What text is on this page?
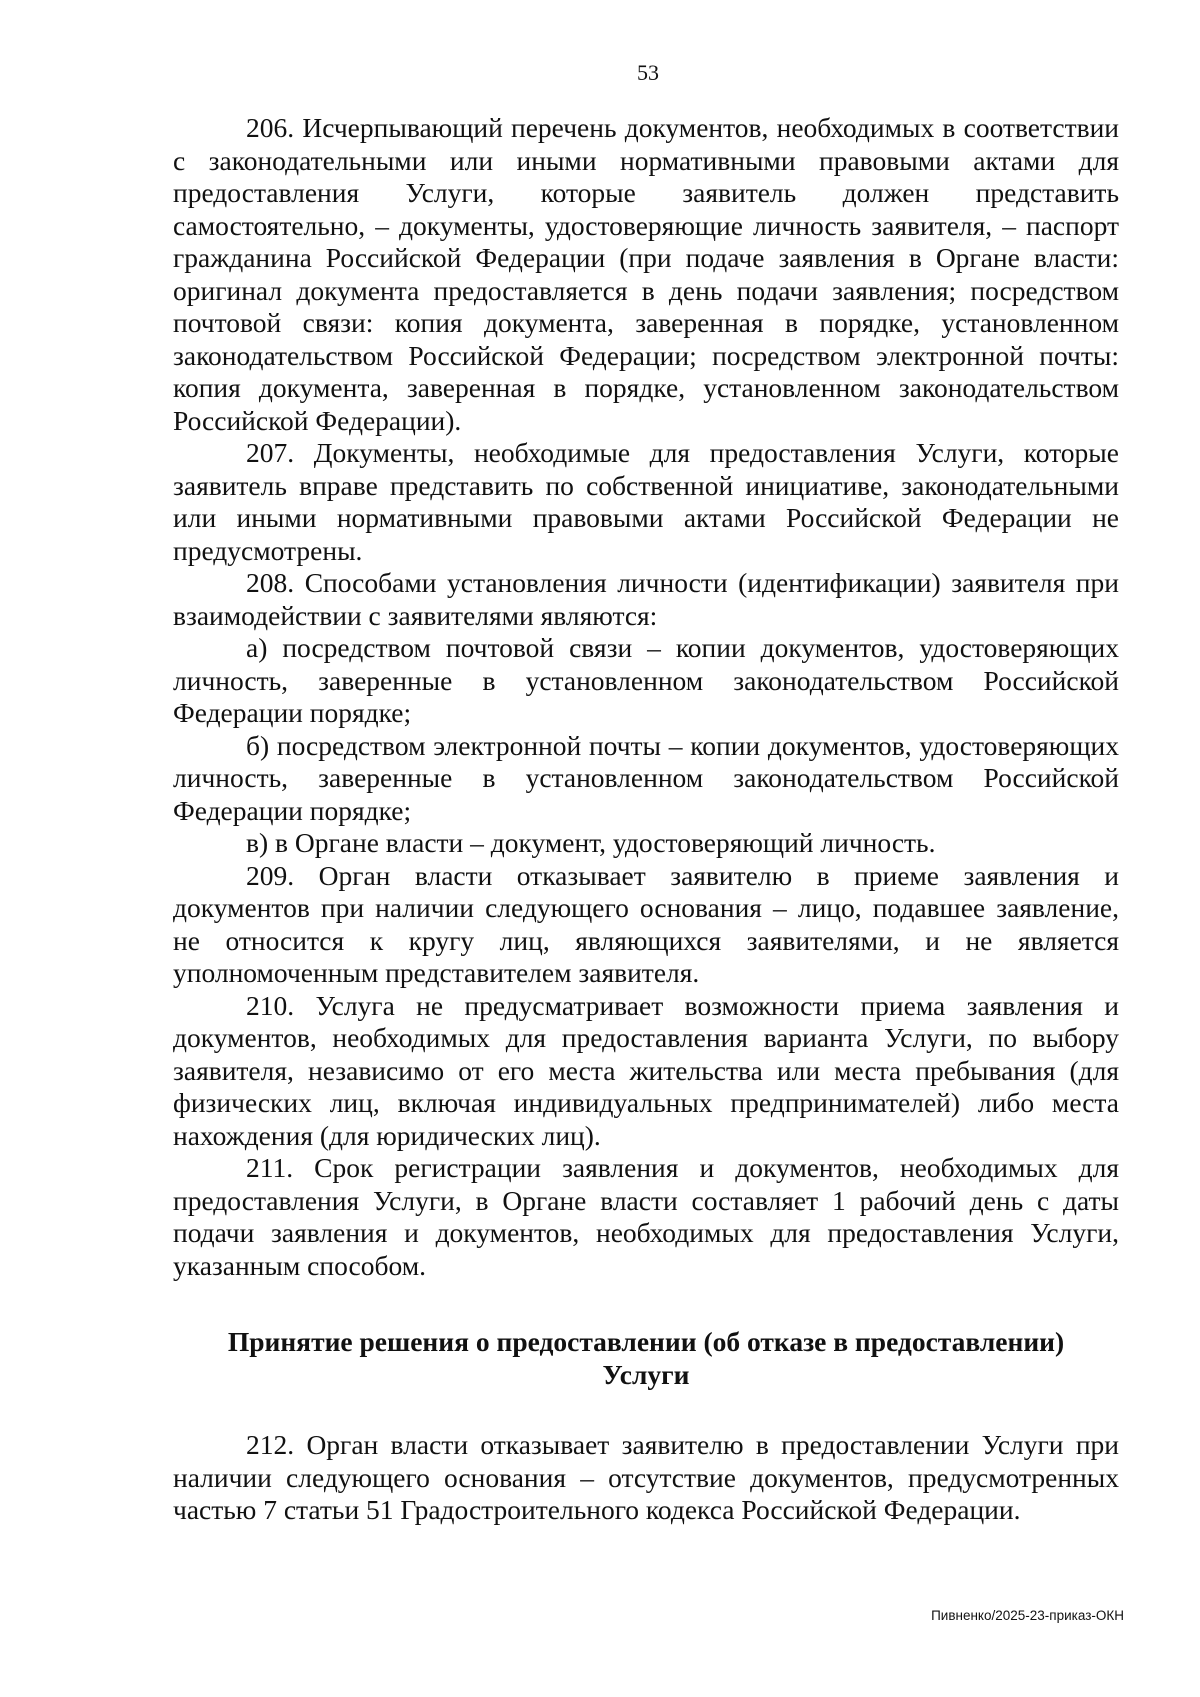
53

206. Исчерпывающий перечень документов, необходимых в соответствии с законодательными или иными нормативными правовыми актами для предоставления Услуги, которые заявитель должен представить самостоятельно, – документы, удостоверяющие личность заявителя, – паспорт гражданина Российской Федерации (при подаче заявления в Органе власти: оригинал документа предоставляется в день подачи заявления; посредством почтовой связи: копия документа, заверенная в порядке, установленном законодательством Российской Федерации; посредством электронной почты: копия документа, заверенная в порядке, установленном законодательством Российской Федерации).

207. Документы, необходимые для предоставления Услуги, которые заявитель вправе представить по собственной инициативе, законодательными или иными нормативными правовыми актами Российской Федерации не предусмотрены.

208. Способами установления личности (идентификации) заявителя при взаимодействии с заявителями являются:

а) посредством почтовой связи – копии документов, удостоверяющих личность, заверенные в установленном законодательством Российской Федерации порядке;

б) посредством электронной почты – копии документов, удостоверяющих личность, заверенные в установленном законодательством Российской Федерации порядке;

в) в Органе власти – документ, удостоверяющий личность.

209. Орган власти отказывает заявителю в приеме заявления и документов при наличии следующего основания – лицо, подавшее заявление, не относится к кругу лиц, являющихся заявителями, и не является уполномоченным представителем заявителя.

210. Услуга не предусматривает возможности приема заявления и документов, необходимых для предоставления варианта Услуги, по выбору заявителя, независимо от его места жительства или места пребывания (для физических лиц, включая индивидуальных предпринимателей) либо места нахождения (для юридических лиц).

211. Срок регистрации заявления и документов, необходимых для предоставления Услуги, в Органе власти составляет 1 рабочий день с даты подачи заявления и документов, необходимых для предоставления Услуги, указанным способом.

Принятие решения о предоставлении (об отказе в предоставлении)
Услуги

212. Орган власти отказывает заявителю в предоставлении Услуги при наличии следующего основания – отсутствие документов, предусмотренных частью 7 статьи 51 Градостроительного кодекса Российской Федерации.

Пивненко/2025-23-приказ-ОКН
